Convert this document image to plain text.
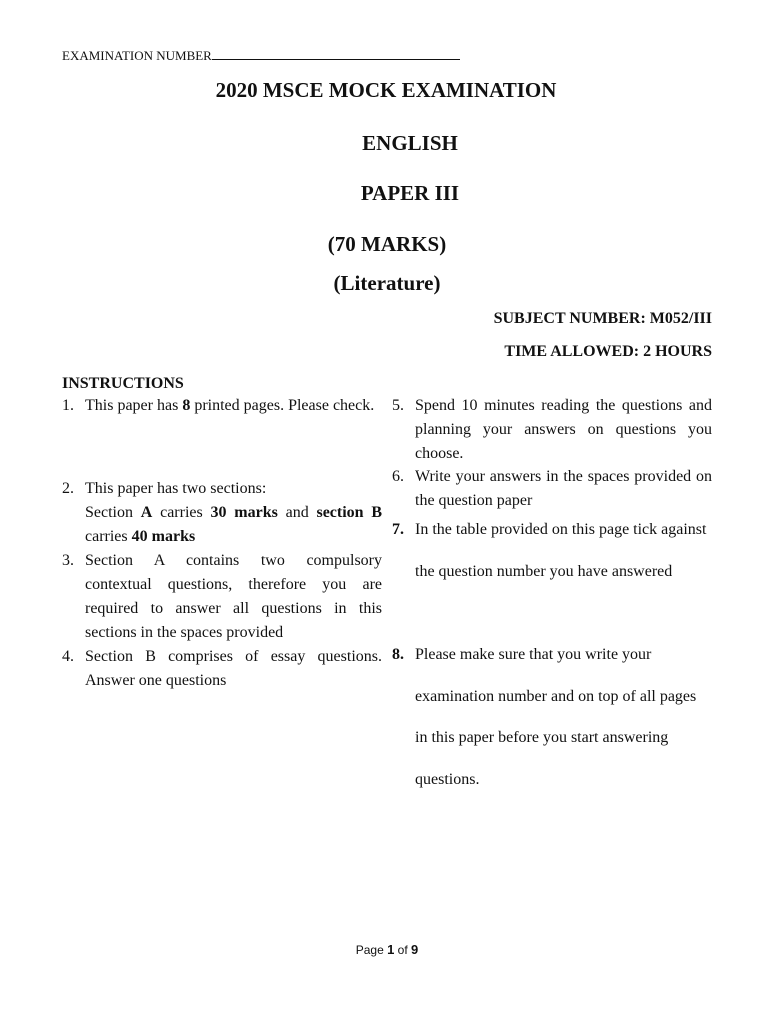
EXAMINATION NUMBER
2020 MSCE MOCK EXAMINATION
ENGLISH
PAPER III
(70 MARKS)
(Literature)
SUBJECT NUMBER: M052/III
TIME ALLOWED: 2 HOURS
INSTRUCTIONS
1. This paper has 8 printed pages. Please check.
2. This paper has two sections:
Section A carries 30 marks and section B carries 40 marks
3. Section A contains two compulsory contextual questions, therefore you are required to answer all questions in this sections in the spaces provided
4. Section B comprises of essay questions. Answer one questions
5. Spend 10 minutes reading the questions and planning your answers on questions you choose.
6. Write your answers in the spaces provided on the question paper
7. In the table provided on this page tick against the question number you have answered
8. Please make sure that you write your examination number and on top of all pages in this paper before you start answering questions.
Page 1 of 9
